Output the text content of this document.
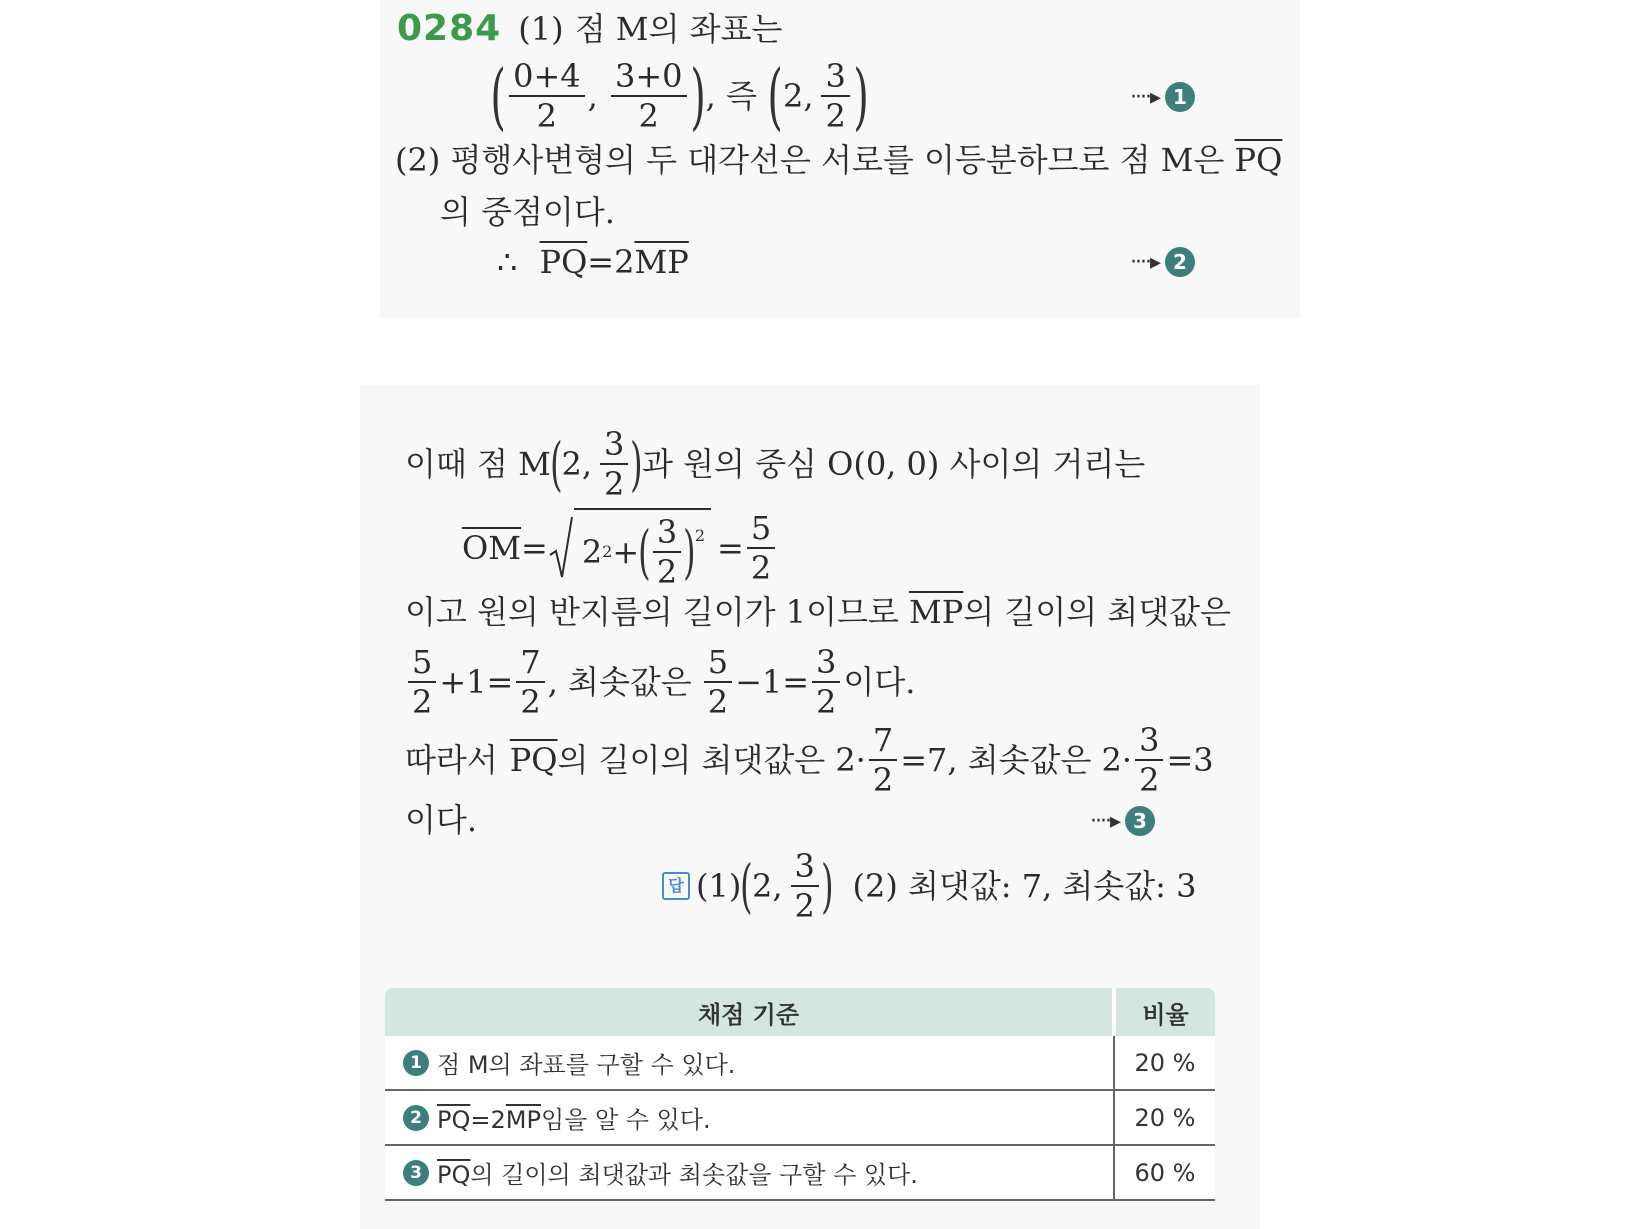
0284 (1) 점 M의 좌표는
( $\frac{0+4}{2}$ , $\frac{3+0}{2}$ ) , 즉 ( 2, $\frac{3}{2}$ )	····▸ 1
(2) 평행사변형의 두 대각선은 서로를 이등분하므로 점 M은 $\overline{PQ}$
의 중점이다.
∴ $\overline{PQ}=2\overline{MP}$	····▸ 2
이때 점 M ( 2, $\frac{3}{2}$ ) 과 원의 중심 O(0, 0) 사이의 거리는
$\overline{OM} = 2$ 2 + ( $\frac{3}{2} )^2 = \frac{5}{2}$
이고 원의 반지름의 길이가 1이므로 $\overline{MP}$의 길이의 최댓값은
$\frac{5}{2} +1= \frac{7}{2}$ , 최솟값은 $\frac{5}{2} -1= \frac{3}{2}$ 이다.
따라서 $\overline{PQ}$ 의 길이의 최댓값은 $2\cdot \frac{7}{2} =7$, 최솟값은 $2\cdot \frac{3}{2} =3$
이다.	····▸ 3
답 (1) ( 2, $\frac{3}{2}$ ) (2) 최댓값: 7, 최솟값: 3
채점 기준	비율

1 점 M의 좌표를 구할 수 있다.	20 %

2 $\overline{PQ}=2\overline{MP}$임을 알 수 있다.	20 %

3 $\overline{PQ}$의 길이의 최댓값과 최솟값을 구할 수 있다.	60 %
